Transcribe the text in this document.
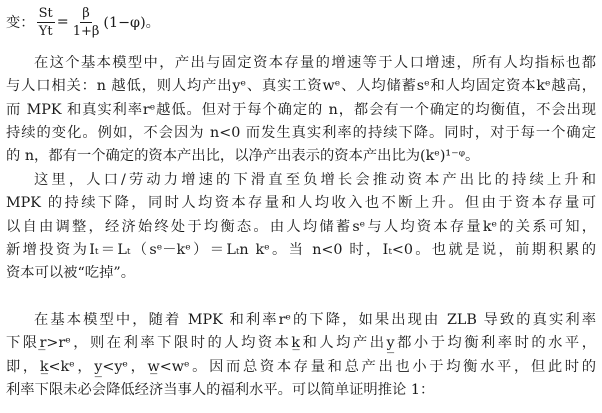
变： $\frac{St}{Yt} = \frac{\beta}{1+\beta} (1-\varphi)$。
在这个基本模型中，产出与固定资本存量的增速等于人口增速，所有人均指标也都
与人口相关：n 越低，则人均产出yᵉ、真实工资wᵉ、人均储蓄sᵉ和人均固定资本kᵉ越高，
而 MPK 和真实利率rᵉ越低。但对于每个确定的 n，都会有一个确定的均衡值，不会出现
持续的变化。例如，不会因为 n<0 而发生真实利率的持续下降。同时，对于每一个确定
的 n，都有一个确定的资本产出比，以净产出表示的资本产出比为(kᵉ)¹⁻ᵠ。
这里，人口/劳动力增速的下滑直至负增长会推动资本产出比的持续上升和
MPK 的持续下降，同时人均资本存量和人均收入也不断上升。但由于资本存量可
以自由调整，经济始终处于均衡态。由人均储蓄sᵉ与人均资本存量kᵉ的关系可知，
新增投资为Iₜ＝Lₜ（sᵉ－kᵉ）＝Lₜn kᵉ。当 n<0 时，Iₜ<0。也就是说，前期积累的
资本可以被“吃掉”。
在基本模型中，随着 MPK 和利率rᵉ的下降，如果出现由 ZLB 导致的真实利率
下限r̲>rᵉ，则在利率下限时的人均资本k̲和人均产出y̲都小于均衡利率时的水平，
即，k̲<kᵉ，y̲<yᵉ，w̲<wᵉ。因而总资本存量和总产出也小于均衡水平，但此时的
利率下限未必会降低经济当事人的福利水平。可以简单证明推论 1：
